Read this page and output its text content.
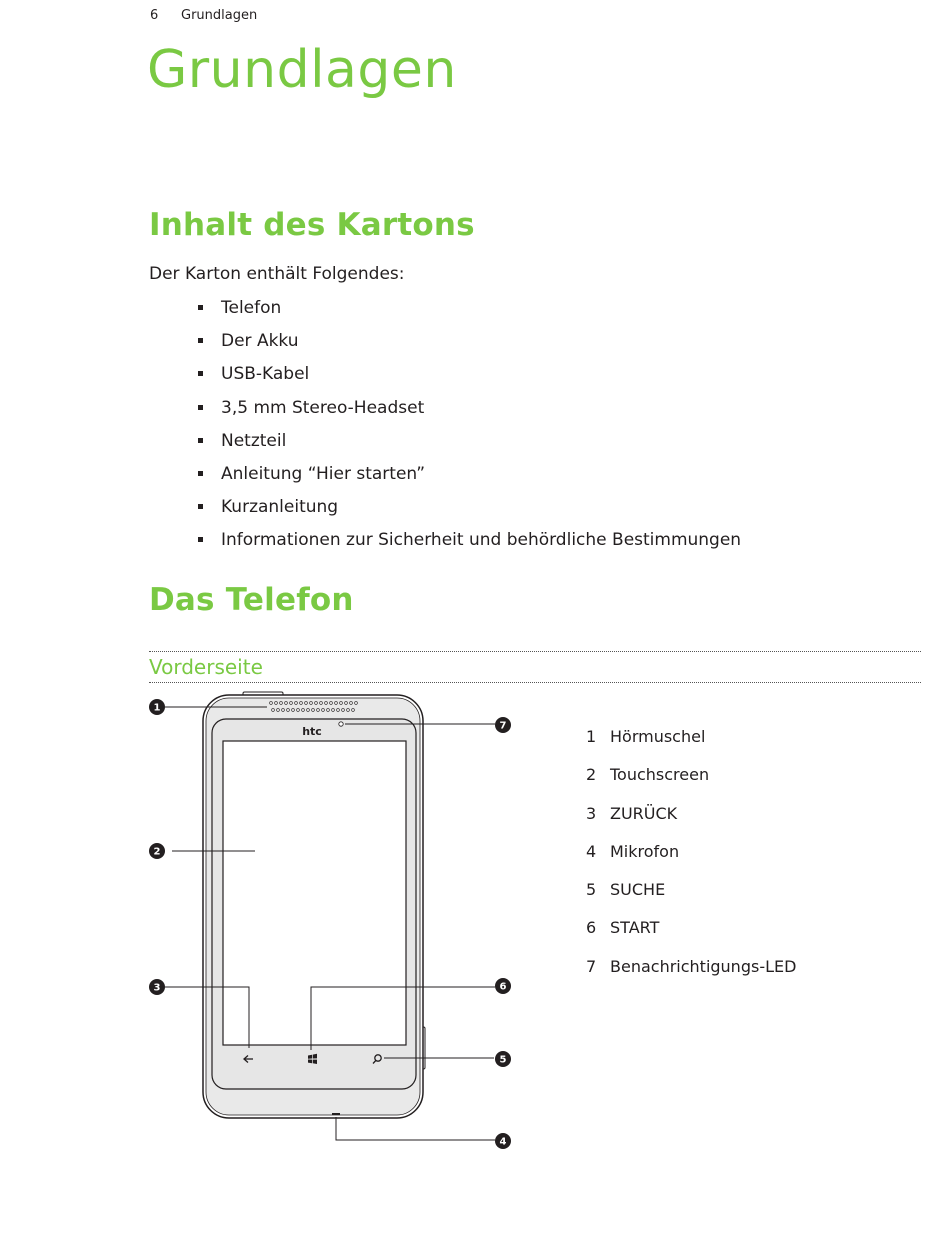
6 Grundlagen
Grundlagen
Inhalt des Kartons
Der Karton enthält Folgendes:
Telefon
Der Akku
USB-Kabel
3,5 mm Stereo-Headset
Netzteil
Anleitung “Hier starten”
Kurzanleitung
Informationen zur Sicherheit und behördliche Bestimmungen
Das Telefon
Vorderseite
htc
1
2
3
4
5
6
7
1 Hörmuschel
2 Touchscreen
3 ZURÜCK
4 Mikrofon
5 SUCHE
6 START
7 Benachrichtigungs-LED
